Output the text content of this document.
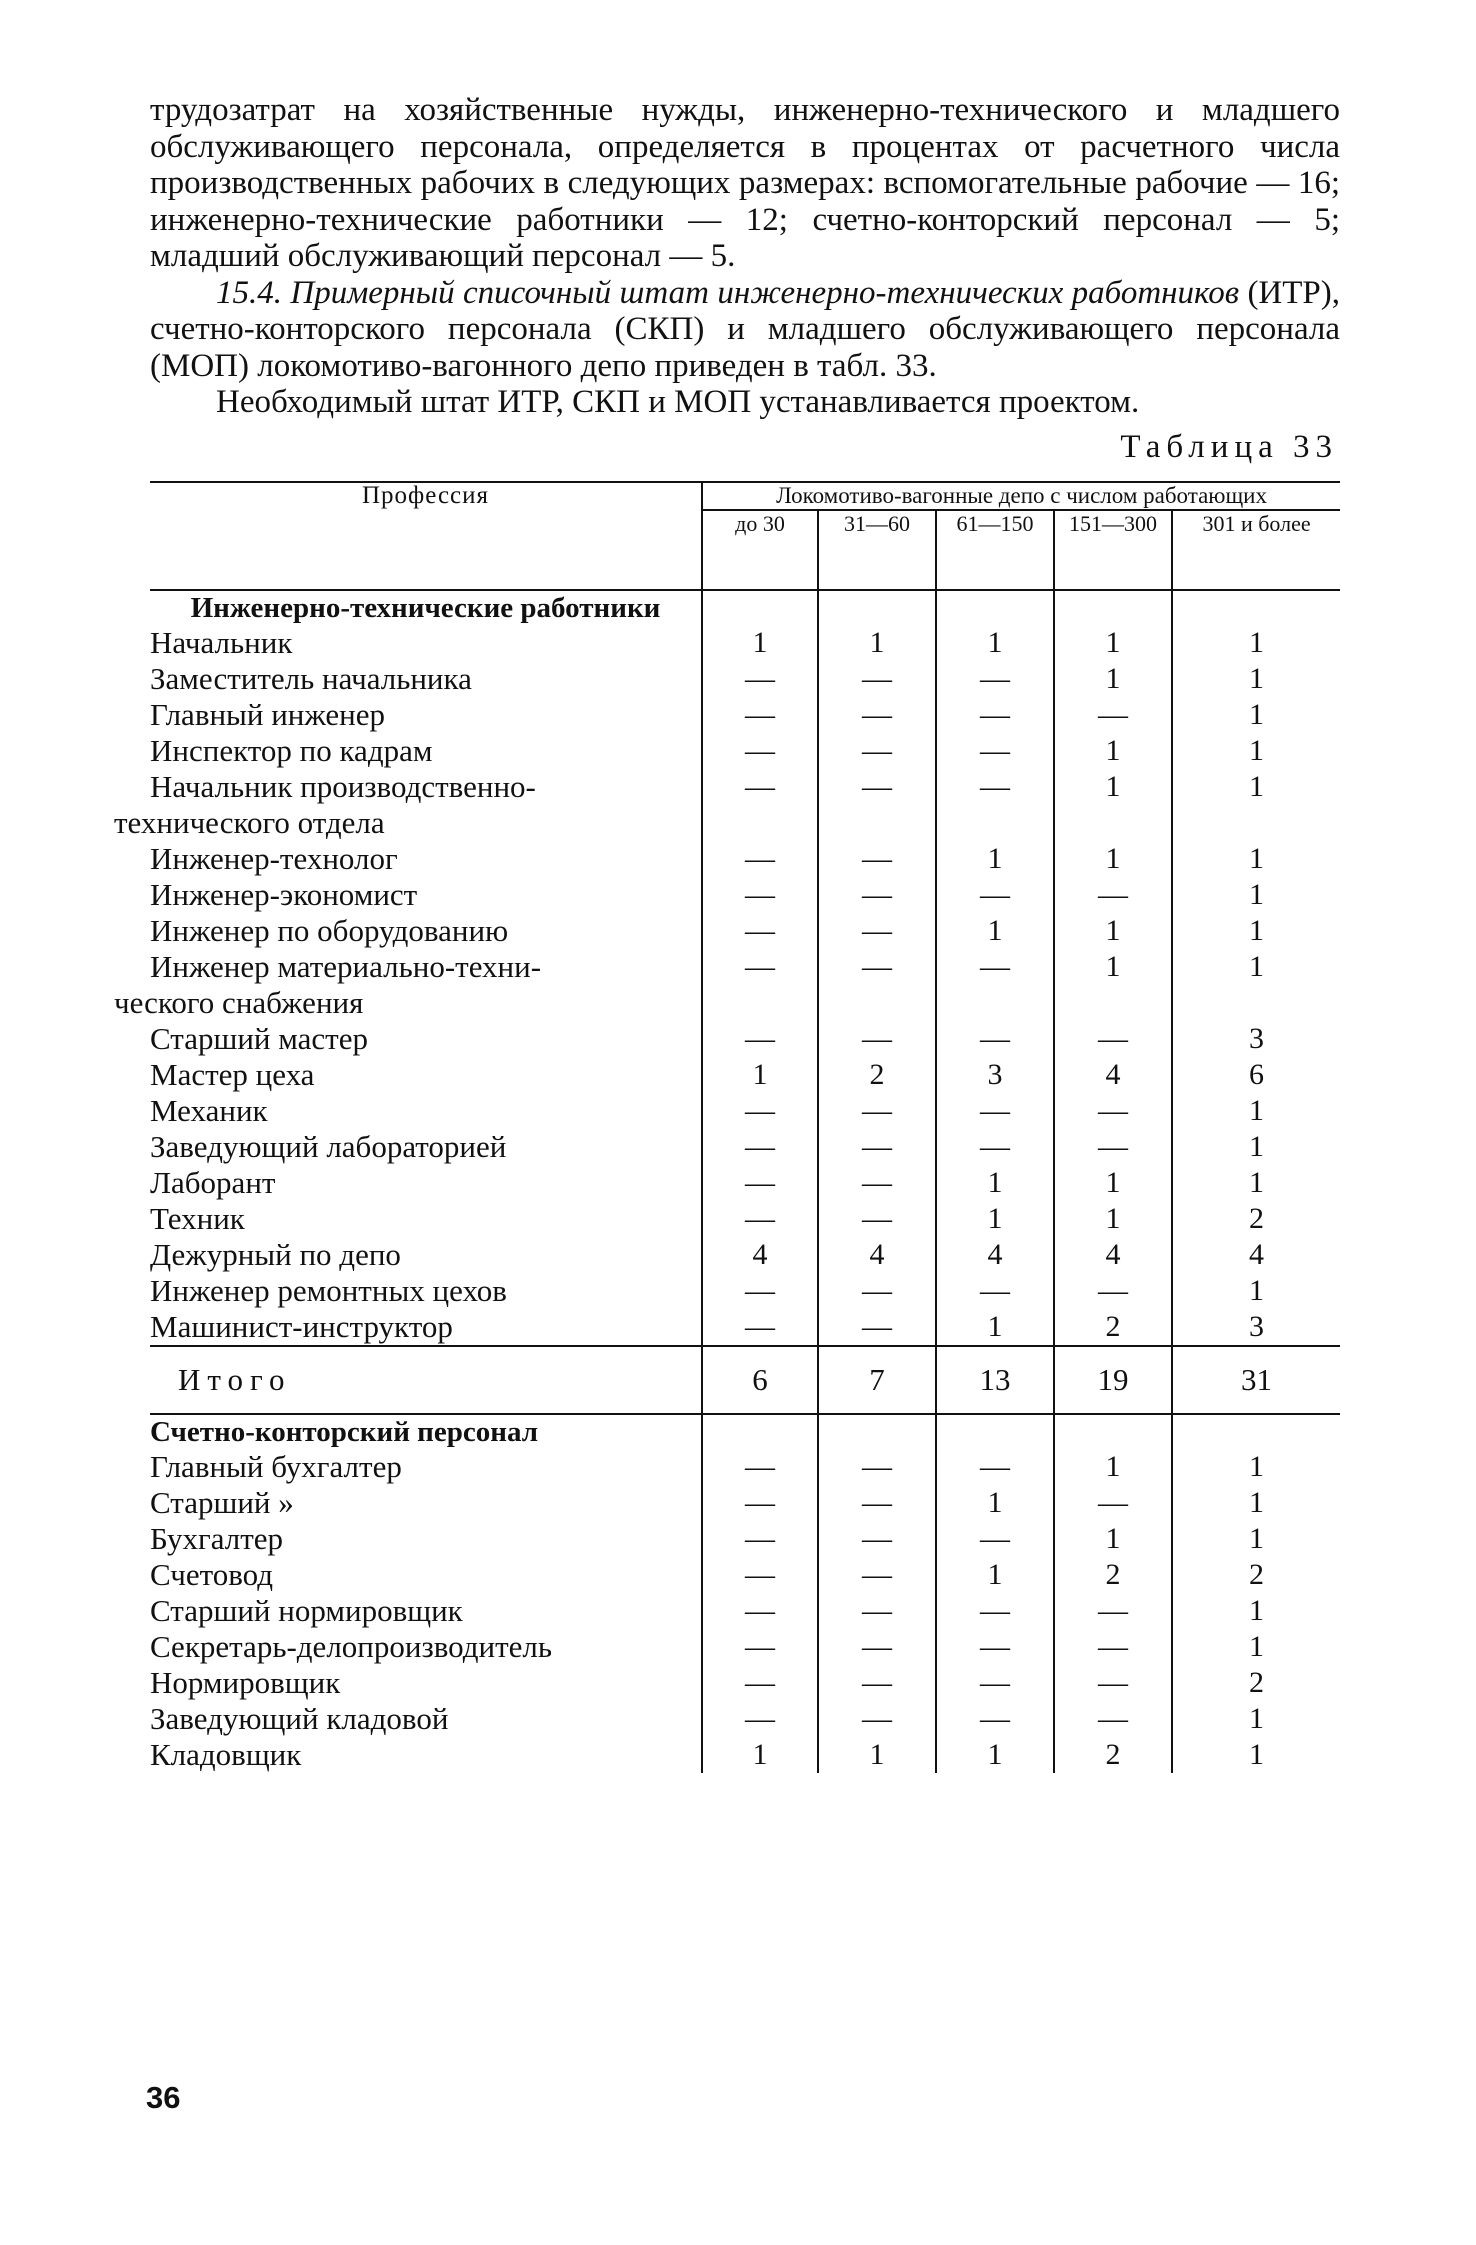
трудозатрат на хозяйственные нужды, инженерно-технического и младшего обслуживающего персонала, определяется в процентах от расчетного числа производственных рабочих в следующих размерах: вспомогательные рабочие — 16; инженерно-технические работники — 12; счетно-конторский персонал — 5; младший обслуживающий персонал — 5.

15.4. Примерный списочный штат инженерно-технических работников (ИТР), счетно-конторского персонала (СКП) и младшего обслуживающего персонала (МОП) локомотиво-вагонного депо приведен в табл. 33.

Необходимый штат ИТР, СКП и МОП устанавливается проектом.

Таблица 33
Профессия	Локомотиво-вагонные депо с числом работающих				
	до 30	31—60	61—150	151—300	301 и более
Инженерно-технические работники					
Начальник	1	1	1	1	1
Заместитель начальника	—	—	—	1	1
Главный инженер	—	—	—	—	1
Инспектор по кадрам	—	—	—	1	1
Начальник производственно-
технического отдела	—	—	—	1	1
Инженер-технолог	—	—	1	1	1
Инженер-экономист	—	—	—	—	1
Инженер по оборудованию	—	—	1	1	1
Инженер материально-техни-
ческого снабжения	—	—	—	1	1
Старший мастер	—	—	—	—	3
Мастер цеха	1	2	3	4	6
Механик	—	—	—	—	1
Заведующий лабораторией	—	—	—	—	1
Лаборант	—	—	1	1	1
Техник	—	—	1	1	2
Дежурный по депо	4	4	4	4	4
Инженер ремонтных цехов	—	—	—	—	1
Машинист-инструктор	—	—	1	2	3
Итого	6	7	13	19	31
Счетно-конторский персонал					
Главный бухгалтер	—	—	—	1	1
Старший »	—	—	1	—	1
Бухгалтер	—	—	—	1	1
Счетовод	—	—	1	2	2
Старший нормировщик	—	—	—	—	1
Секретарь-делопроизводитель	—	—	—	—	1
Нормировщик	—	—	—	—	2
Заведующий кладовой	—	—	—	—	1
Кладовщик	1	1	1	2	1
36
